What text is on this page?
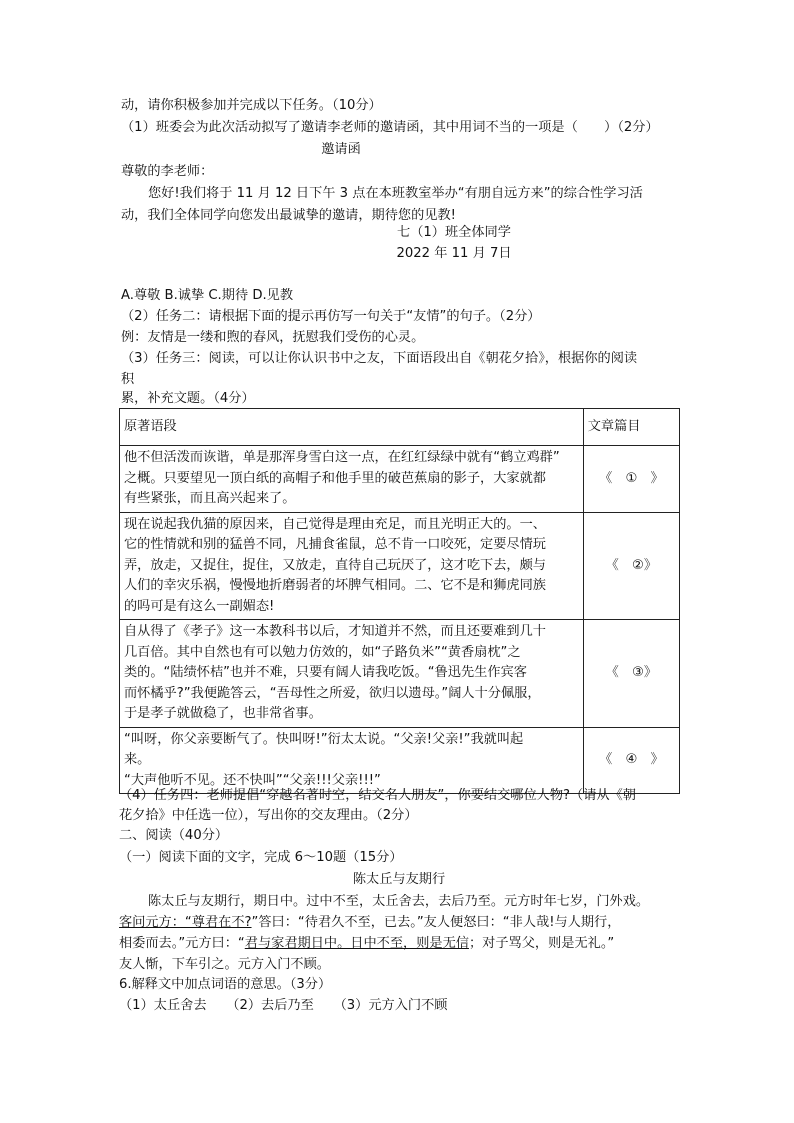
动，请你积极参加并完成以下任务。（10分）
（1）班委会为此次活动拟写了邀请李老师的邀请函，其中用词不当的一项是（　　）（2分）
邀请函
尊敬的李老师：
您好!我们将于 11 月 12 日下午 3 点在本班教室举办“有朋自远方来”的综合性学习活
动，我们全体同学向您发出最诚挚的邀请，期待您的见教!
七（1）班全体同学
2022 年 11 月 7日
A.尊敬 B.诚挚 C.期待 D.见教
（2）任务二：请根据下面的提示再仿写一句关于“友情”的句子。（2分）
例：友情是一缕和煦的春风，抚慰我们受伤的心灵。
（3）任务三：阅读，可以让你认识书中之友，下面语段出自《朝花夕拾》，根据你的阅读
积
累，补充文题。（4分）
原著语段	文章篇目

他不但活泼而诙谐，单是那浑身雪白这一点，在红红绿绿中就有“鹤立鸡群”
之概。只要望见一顶白纸的高帽子和他手里的破芭蕉扇的影子，大家就都
有些紧张，而且高兴起来了。	《　①　》

现在说起我仇猫的原因来，自己觉得是理由充足，而且光明正大的。一、
它的性情就和别的猛兽不同，凡捕食雀鼠，总不肯一口咬死，定要尽情玩
弄，放走，又捉住，捉住，又放走，直待自己玩厌了，这才吃下去，颇与
人们的幸灾乐祸，慢慢地折磨弱者的坏脾气相同。二、它不是和狮虎同族
的吗可是有这么一副媚态!	《　②》

自从得了《孝子》这一本教科书以后，才知道并不然，而且还要难到几十
几百倍。其中自然也有可以勉力仿效的，如“子路负米”“黄香扇枕”之
类的。“陆绩怀桔”也并不难，只要有阔人请我吃饭。“鲁迅先生作宾客
而怀橘乎?”我便跪答云，“吾母性之所爱，欲归以遗母。”阔人十分佩服，
于是孝子就做稳了，也非常省事。	《　③》

“叫呀，你父亲要断气了。快叫呀!”衍太太说。“父亲!父亲!”我就叫起
来。
“大声他听不见。还不快叫”“父亲!!!父亲!!!”	《　④　》
（4）任务四：老师提倡“穿越名著时空，结交名人朋友”，你要结交哪位人物?（请从《朝
花夕拾》中任选一位），写出你的交友理由。（2分）
二、阅读（40分）
（一）阅读下面的文字，完成 6～10题（15分）
陈太丘与友期行
陈太丘与友期行，期日中。过中不至，太丘舍去，去后乃至。元方时年七岁，门外戏。
客问元方：“尊君在不?”答曰：“待君久不至，已去。”友人便怒曰：“非人哉!与人期行，
相委而去。”元方曰：“君与家君期日中。日中不至，则是无信；对子骂父，则是无礼。”
友人惭，下车引之。元方入门不顾。
6.解释文中加点词语的意思。（3分）
（1）太丘舍去　　（2）去后乃至　　（3）元方入门不顾
